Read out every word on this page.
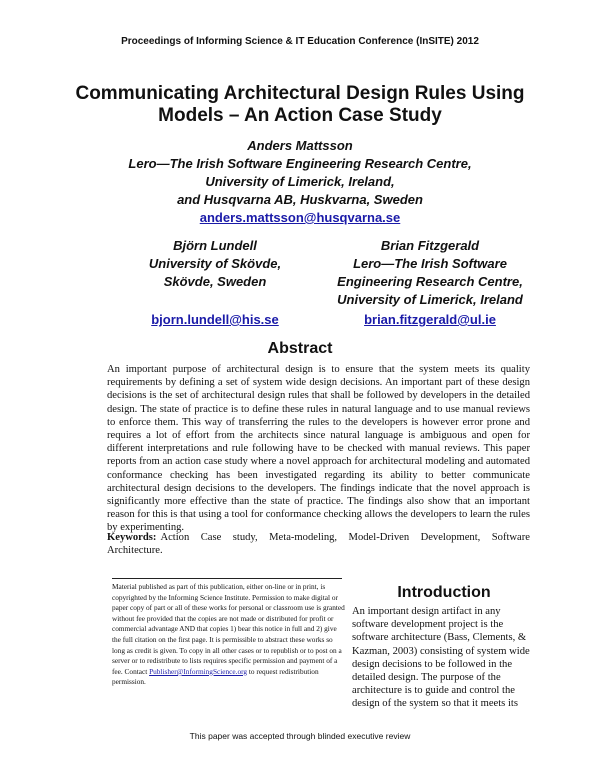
Proceedings of Informing Science & IT Education Conference (InSITE) 2012
Communicating Architectural Design Rules Using
Models – An Action Case Study
Anders Mattsson
Lero—The Irish Software Engineering Research Centre,
University of Limerick, Ireland,
and Husqvarna AB, Huskvarna, Sweden
anders.mattsson@husqvarna.se
Björn Lundell
University of Skövde,
Skövde, Sweden
Brian Fitzgerald
Lero—The Irish Software
Engineering Research Centre,
University of Limerick, Ireland
bjorn.lundell@his.se	brian.fitzgerald@ul.ie
Abstract
An important purpose of architectural design is to ensure that the system meets its quality requirements by defining a set of system wide design decisions. An important part of these design decisions is the set of architectural design rules that shall be followed by developers in the detailed design. The state of practice is to define these rules in natural language and to use manual reviews to enforce them. This way of transferring the rules to the developers is however error prone and requires a lot of effort from the architects since natural language is ambiguous and open for different interpretations and rule following have to be checked with manual reviews. This paper reports from an action case study where a novel approach for architectural modeling and automated conformance checking has been investigated regarding its ability to better communicate architectural design decisions to the developers. The findings indicate that the novel approach is significantly more effective than the state of practice. The findings also show that an important reason for this is that using a tool for conformance checking allows the developers to learn the rules by experimenting.
Keywords: Action Case study, Meta-modeling, Model-Driven Development, Software Architecture.
Material published as part of this publication, either on-line or in print, is copyrighted by the Informing Science Institute. Permission to make digital or paper copy of part or all of these works for personal or classroom use is granted without fee provided that the copies are not made or distributed for profit or commercial advantage AND that copies 1) bear this notice in full and 2) give the full citation on the first page. It is permissible to abstract these works so long as credit is given. To copy in all other cases or to republish or to post on a server or to redistribute to lists requires specific permission and payment of a fee. Contact Publisher@InformingScience.org to request redistribution permission.
Introduction
An important design artifact in any software development project is the software architecture (Bass, Clements, & Kazman, 2003) consisting of system wide design decisions to be followed in the detailed design. The purpose of the architecture is to guide and control the design of the system so that it meets its
This paper was accepted through blinded executive review
